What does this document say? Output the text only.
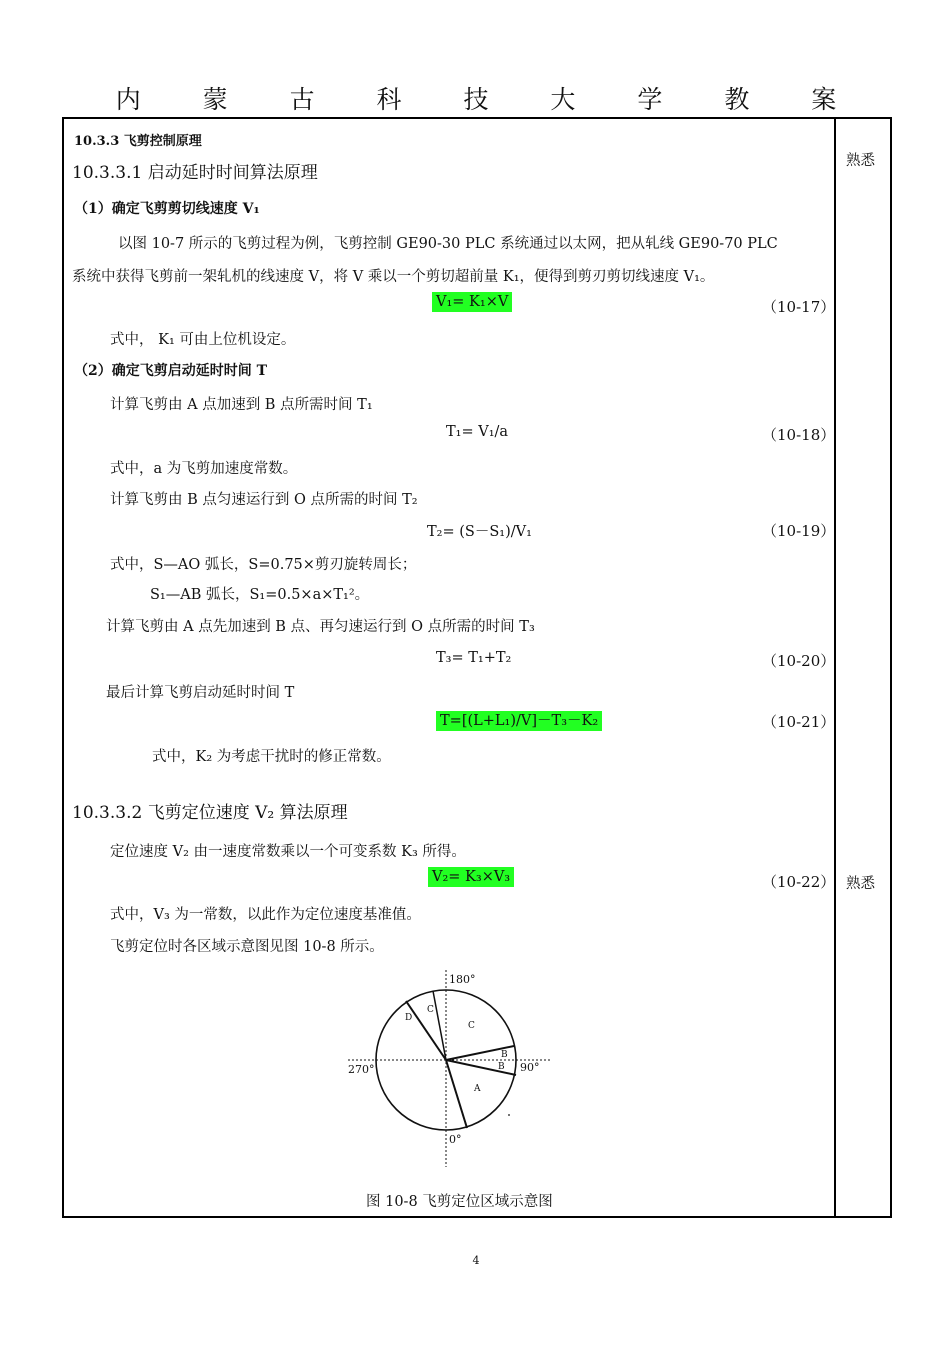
内 蒙 古 科 技 大 学 教 案
熟悉
熟悉
10.3.3 飞剪控制原理
10.3.3.1 启动延时时间算法原理
（1）确定飞剪剪切线速度 V₁
以图 10-7 所示的飞剪过程为例，飞剪控制 GE90-30 PLC 系统通过以太网，把从轧线 GE90-70 PLC
系统中获得飞剪前一架轧机的线速度 V，将 V 乘以一个剪切超前量 K₁，便得到剪刃剪切线速度 V₁。
V₁= K₁×V	（10-17）
式中， K₁ 可由上位机设定。
（2）确定飞剪启动延时时间 T
计算飞剪由 A 点加速到 B 点所需时间 T₁
T₁= V₁/a	（10-18）
式中，a 为飞剪加速度常数。
计算飞剪由 B 点匀速运行到 O 点所需的时间 T₂
T₂= (S－S₁)/V₁	（10-19）
式中，S—AO 弧长，S=0.75×剪刃旋转周长；
S₁—AB 弧长，S₁=0.5×a×T₁²。
计算飞剪由 A 点先加速到 B 点、再匀速运行到 O 点所需的时间 T₃
T₃= T₁+T₂	（10-20）
最后计算飞剪启动延时时间 T
T=[(L+L₁)/V]－T₃－K₂	（10-21）
式中，K₂ 为考虑干扰时的修正常数。
10.3.3.2 飞剪定位速度 V₂ 算法原理
定位速度 V₂ 由一速度常数乘以一个可变系数 K₃ 所得。
V₂= K₃×V₃	（10-22）
式中，V₃ 为一常数，以此作为定位速度基准值。
飞剪定位时各区域示意图见图 10-8 所示。
180°
270°	90°
0°
D
C
C
B
B
A
图 10-8 飞剪定位区域示意图
4
